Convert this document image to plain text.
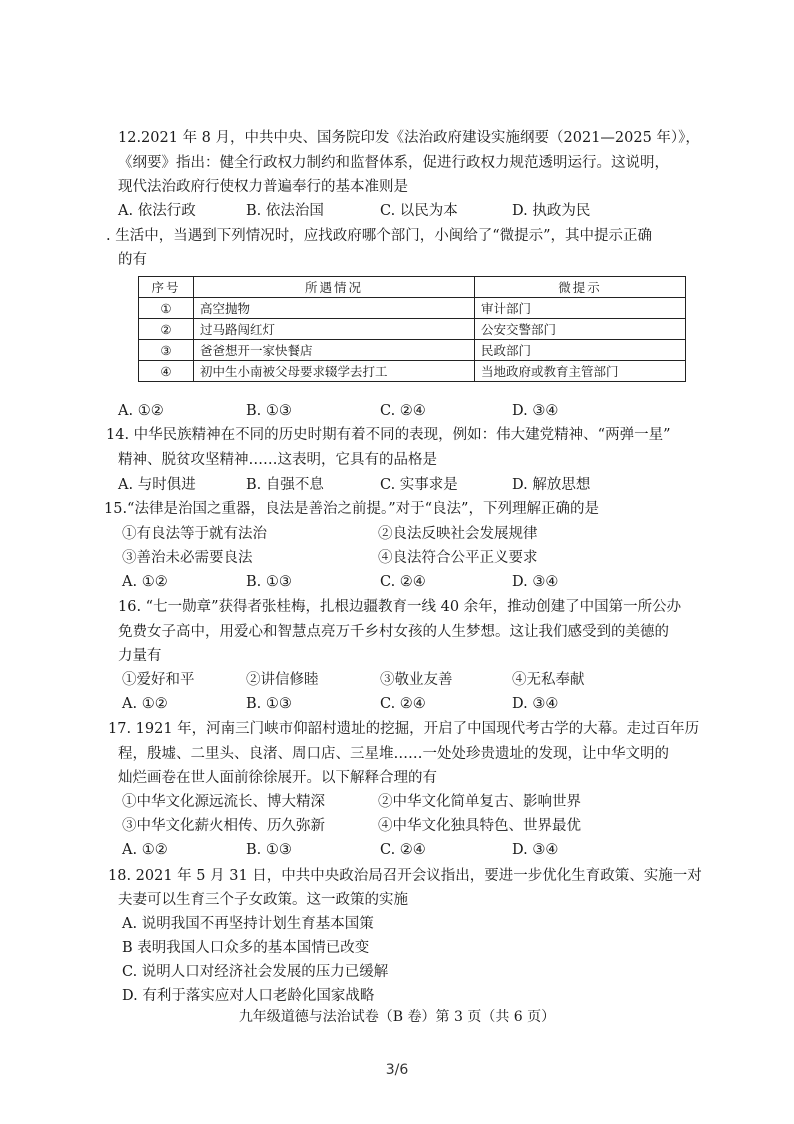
12.2021 年 8 月，中共中央、国务院印发《法治政府建设实施纲要（2021—2025 年）》，
《纲要》指出：健全行政权力制约和监督体系，促进行政权力规范透明运行。这说明，
现代法治政府行使权力普遍奉行的基本准则是
A. 依法行政	B. 依法治国	C. 以民为本	D. 执政为民
. 生活中，当遇到下列情况时，应找政府哪个部门，小闽给了“微提示”，其中提示正确
的有
序号	所遇情况	微提示
①	高空抛物	审计部门
②	过马路闯红灯	公安交警部门
③	爸爸想开一家快餐店	民政部门
④	初中生小南被父母要求辍学去打工	当地政府或教育主管部门
A. ①②	B. ①③	C. ②④	D. ③④
14. 中华民族精神在不同的历史时期有着不同的表现，例如：伟大建党精神、“两弹一星”
精神、脱贫攻坚精神……这表明，它具有的品格是
A. 与时俱进	B. 自强不息	C. 实事求是	D. 解放思想
15.“法律是治国之重器，良法是善治之前提。”对于“良法”，下列理解正确的是
①有良法等于就有法治	②良法反映社会发展规律
③善治未必需要良法	④良法符合公平正义要求
A. ①②	B. ①③	C. ②④	D. ③④
16. “七一勋章”获得者张桂梅，扎根边疆教育一线 40 余年，推动创建了中国第一所公办
免费女子高中，用爱心和智慧点亮万千乡村女孩的人生梦想。这让我们感受到的美德的
力量有
①爱好和平	②讲信修睦	③敬业友善	④无私奉献
A. ①②	B. ①③	C. ②④	D. ③④
17. 1921 年，河南三门峡市仰韶村遗址的挖掘，开启了中国现代考古学的大幕。走过百年历
程，殷墟、二里头、良渚、周口店、三星堆……一处处珍贵遗址的发现，让中华文明的
灿烂画卷在世人面前徐徐展开。以下解释合理的有
①中华文化源远流长、博大精深	②中华文化简单复古、影响世界
③中华文化薪火相传、历久弥新	④中华文化独具特色、世界最优
A. ①②	B. ①③	C. ②④	D. ③④
18. 2021 年 5 月 31 日，中共中央政治局召开会议指出，要进一步优化生育政策、实施一对
夫妻可以生育三个子女政策。这一政策的实施
A. 说明我国不再坚持计划生育基本国策
B 表明我国人口众多的基本国情已改变
C. 说明人口对经济社会发展的压力已缓解
D. 有利于落实应对人口老龄化国家战略
九年级道德与法治试卷（B 卷）第 3 页（共 6 页）
3/6
